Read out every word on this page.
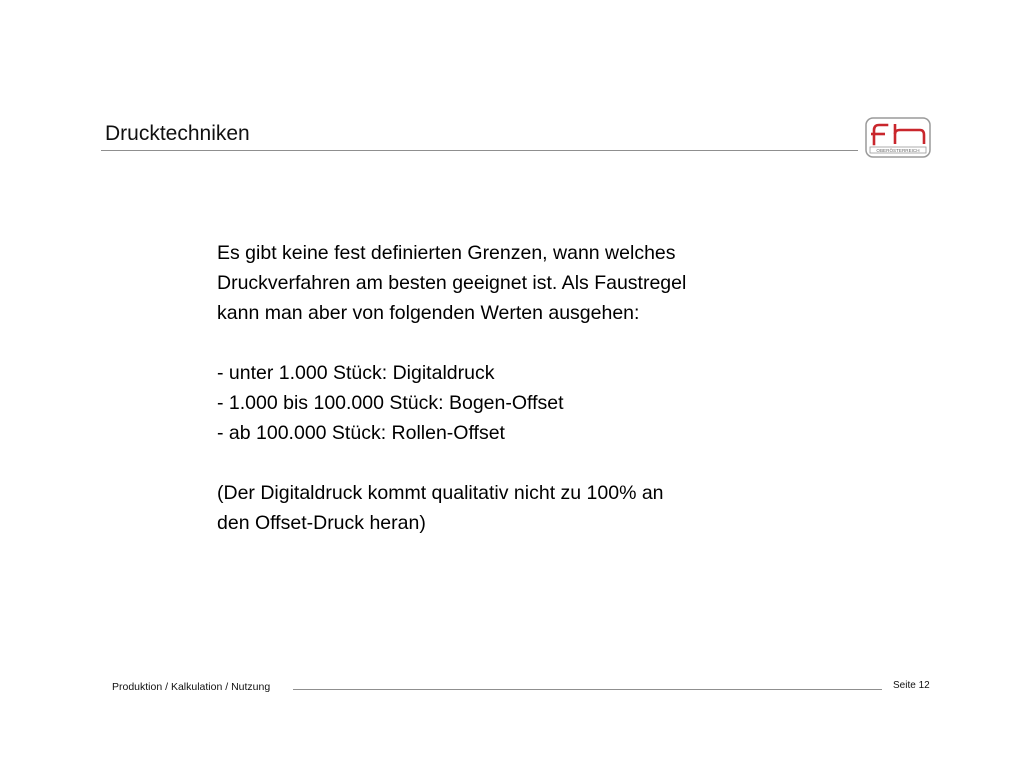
Drucktechniken
OBERÖSTERREICH

Es gibt keine fest definierten Grenzen, wann welches
Druckverfahren am besten geeignet ist. Als Faustregel
kann man aber von folgenden Werten ausgehen:

- unter 1.000 Stück: Digitaldruck
- 1.000 bis 100.000 Stück: Bogen-Offset
- ab 100.000 Stück: Rollen-Offset

(Der Digitaldruck kommt qualitativ nicht zu 100% an
den Offset-Druck heran)

Produktion / Kalkulation / Nutzung	Seite 12
